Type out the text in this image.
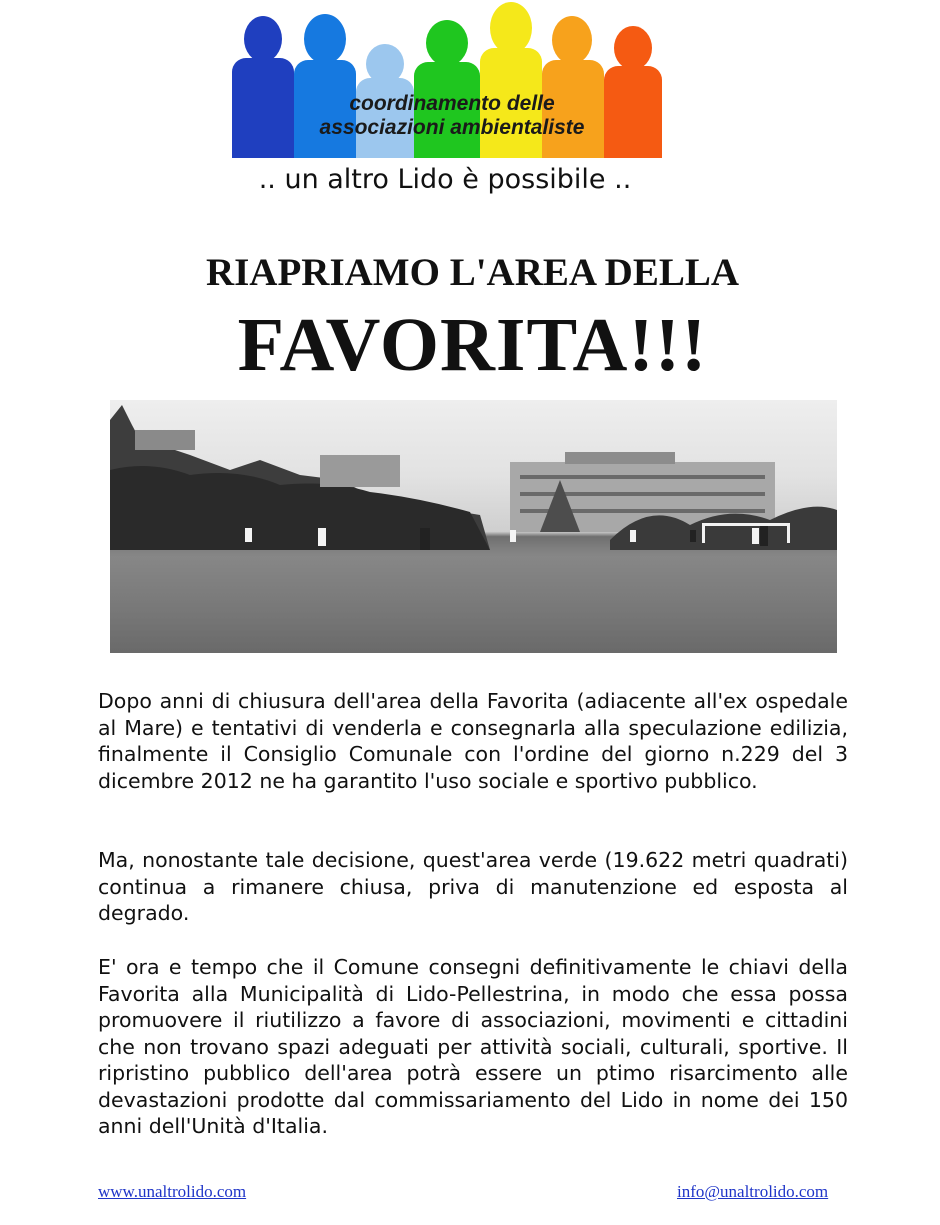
coordinamento delle
associazioni ambientaliste
.. un altro Lido è possibile ..
RIAPRIAMO L'AREA DELLA
FAVORITA!!!

Dopo anni di chiusura dell'area della Favorita (adiacente all'ex ospedale al Mare) e tentativi di venderla e consegnarla alla speculazione edilizia, finalmente il Consiglio Comunale con l'ordine del giorno n.229 del 3 dicembre 2012 ne ha garantito l'uso sociale e sportivo pubblico.

Ma, nonostante tale decisione, quest'area verde (19.622 metri quadrati) continua a rimanere chiusa, priva di manutenzione ed esposta al degrado.

E' ora e tempo che il Comune consegni definitivamente le chiavi della Favorita alla Municipalità di Lido-Pellestrina, in modo che essa possa promuovere il riutilizzo a favore di associazioni, movimenti e cittadini che non trovano spazi adeguati per attività sociali, culturali, sportive. Il ripristino pubblico dell'area potrà essere un ptimo risarcimento alle devastazioni prodotte dal commissariamento del Lido in nome dei 150 anni dell'Unità d'Italia.

www.unaltrolido.com	info@unaltrolido.com
